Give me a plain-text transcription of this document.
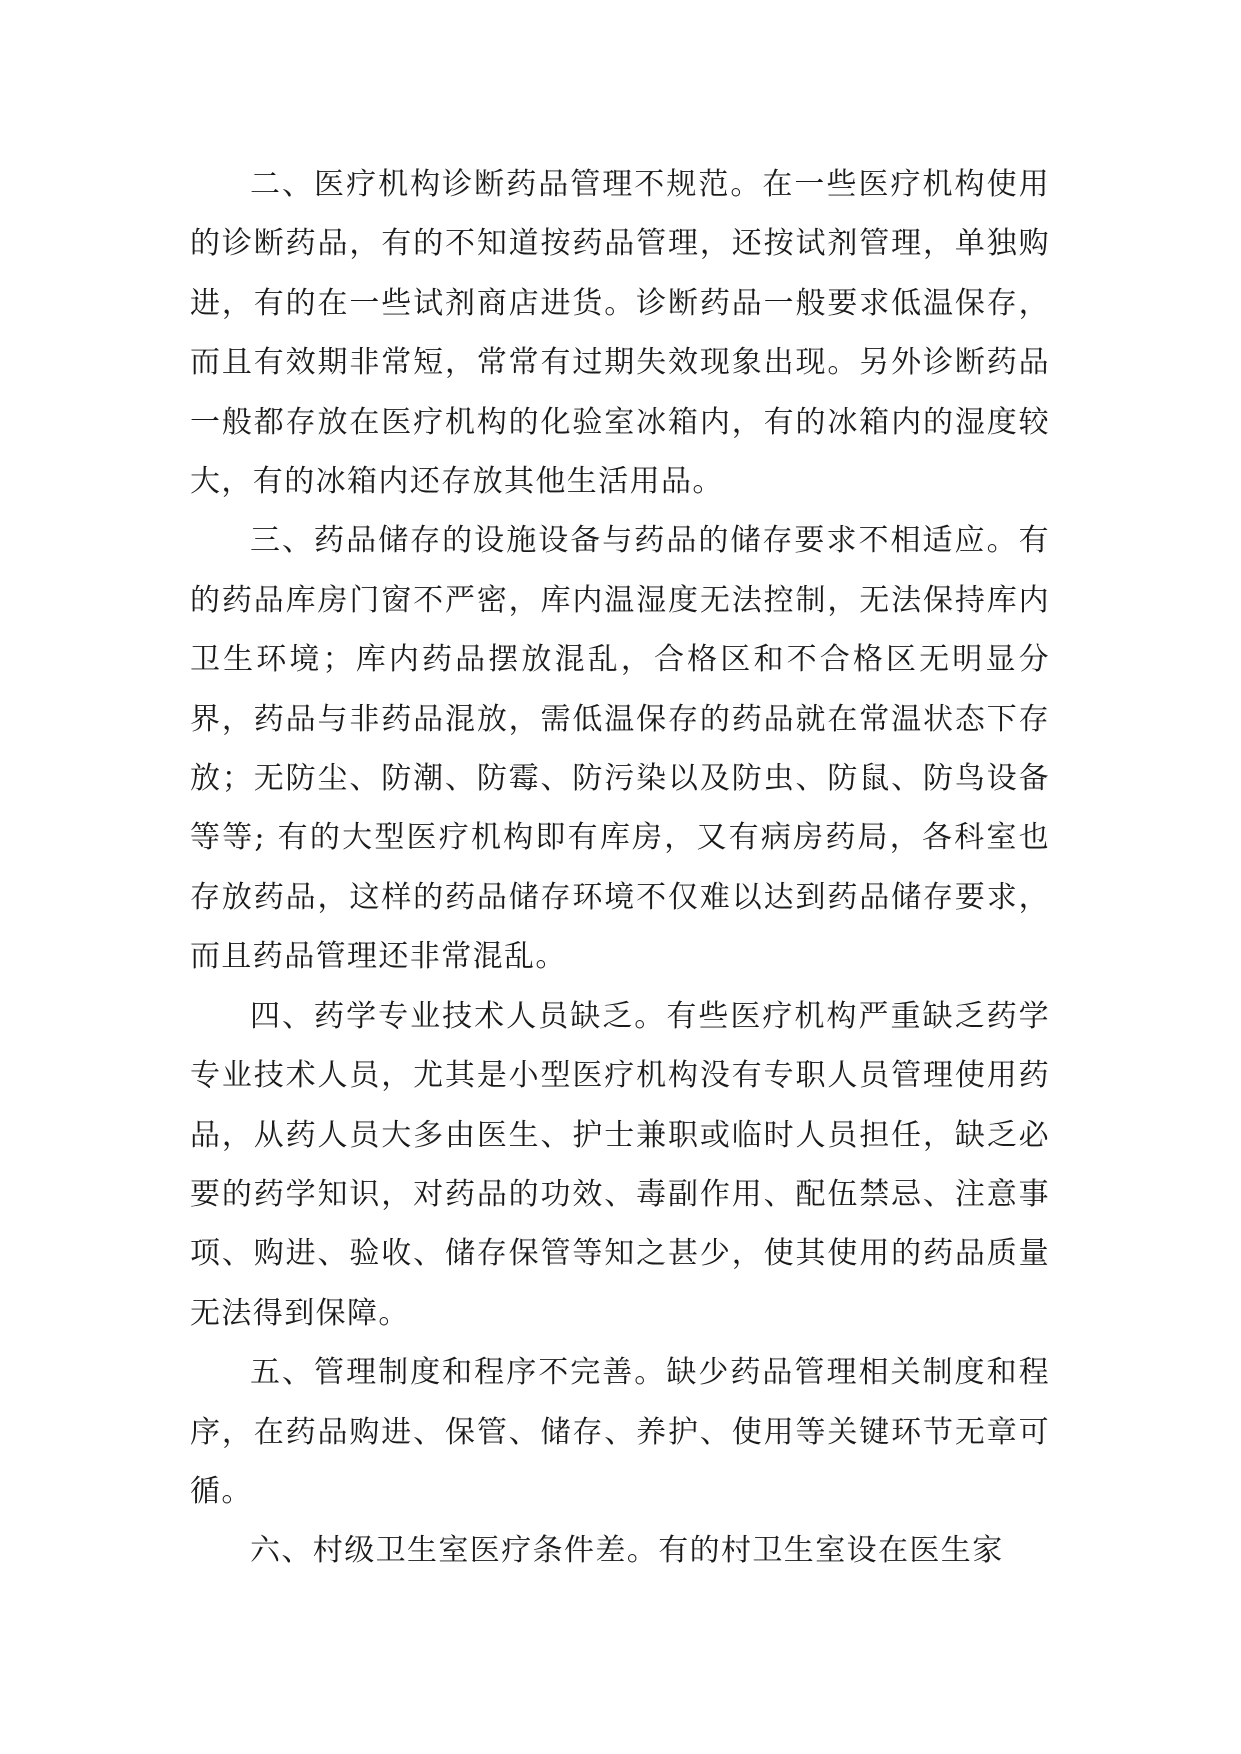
二、医疗机构诊断药品管理不规范。在一些医疗机构使用的诊断药品，有的不知道按药品管理，还按试剂管理，单独购进，有的在一些试剂商店进货。诊断药品一般要求低温保存，而且有效期非常短，常常有过期失效现象出现。另外诊断药品一般都存放在医疗机构的化验室冰箱内，有的冰箱内的湿度较大，有的冰箱内还存放其他生活用品。

三、药品储存的设施设备与药品的储存要求不相适应。有的药品库房门窗不严密，库内温湿度无法控制，无法保持库内卫生环境；库内药品摆放混乱，合格区和不合格区无明显分界，药品与非药品混放，需低温保存的药品就在常温状态下存放；无防尘、防潮、防霉、防污染以及防虫、防鼠、防鸟设备等等; 有的大型医疗机构即有库房，又有病房药局，各科室也存放药品，这样的药品储存环境不仅难以达到药品储存要求，而且药品管理还非常混乱。

四、药学专业技术人员缺乏。有些医疗机构严重缺乏药学专业技术人员，尤其是小型医疗机构没有专职人员管理使用药品，从药人员大多由医生、护士兼职或临时人员担任，缺乏必要的药学知识，对药品的功效、毒副作用、配伍禁忌、注意事项、购进、验收、储存保管等知之甚少，使其使用的药品质量无法得到保障。

五、管理制度和程序不完善。缺少药品管理相关制度和程序，在药品购进、保管、储存、养护、使用等关键环节无章可循。

六、村级卫生室医疗条件差。有的村卫生室设在医生家
